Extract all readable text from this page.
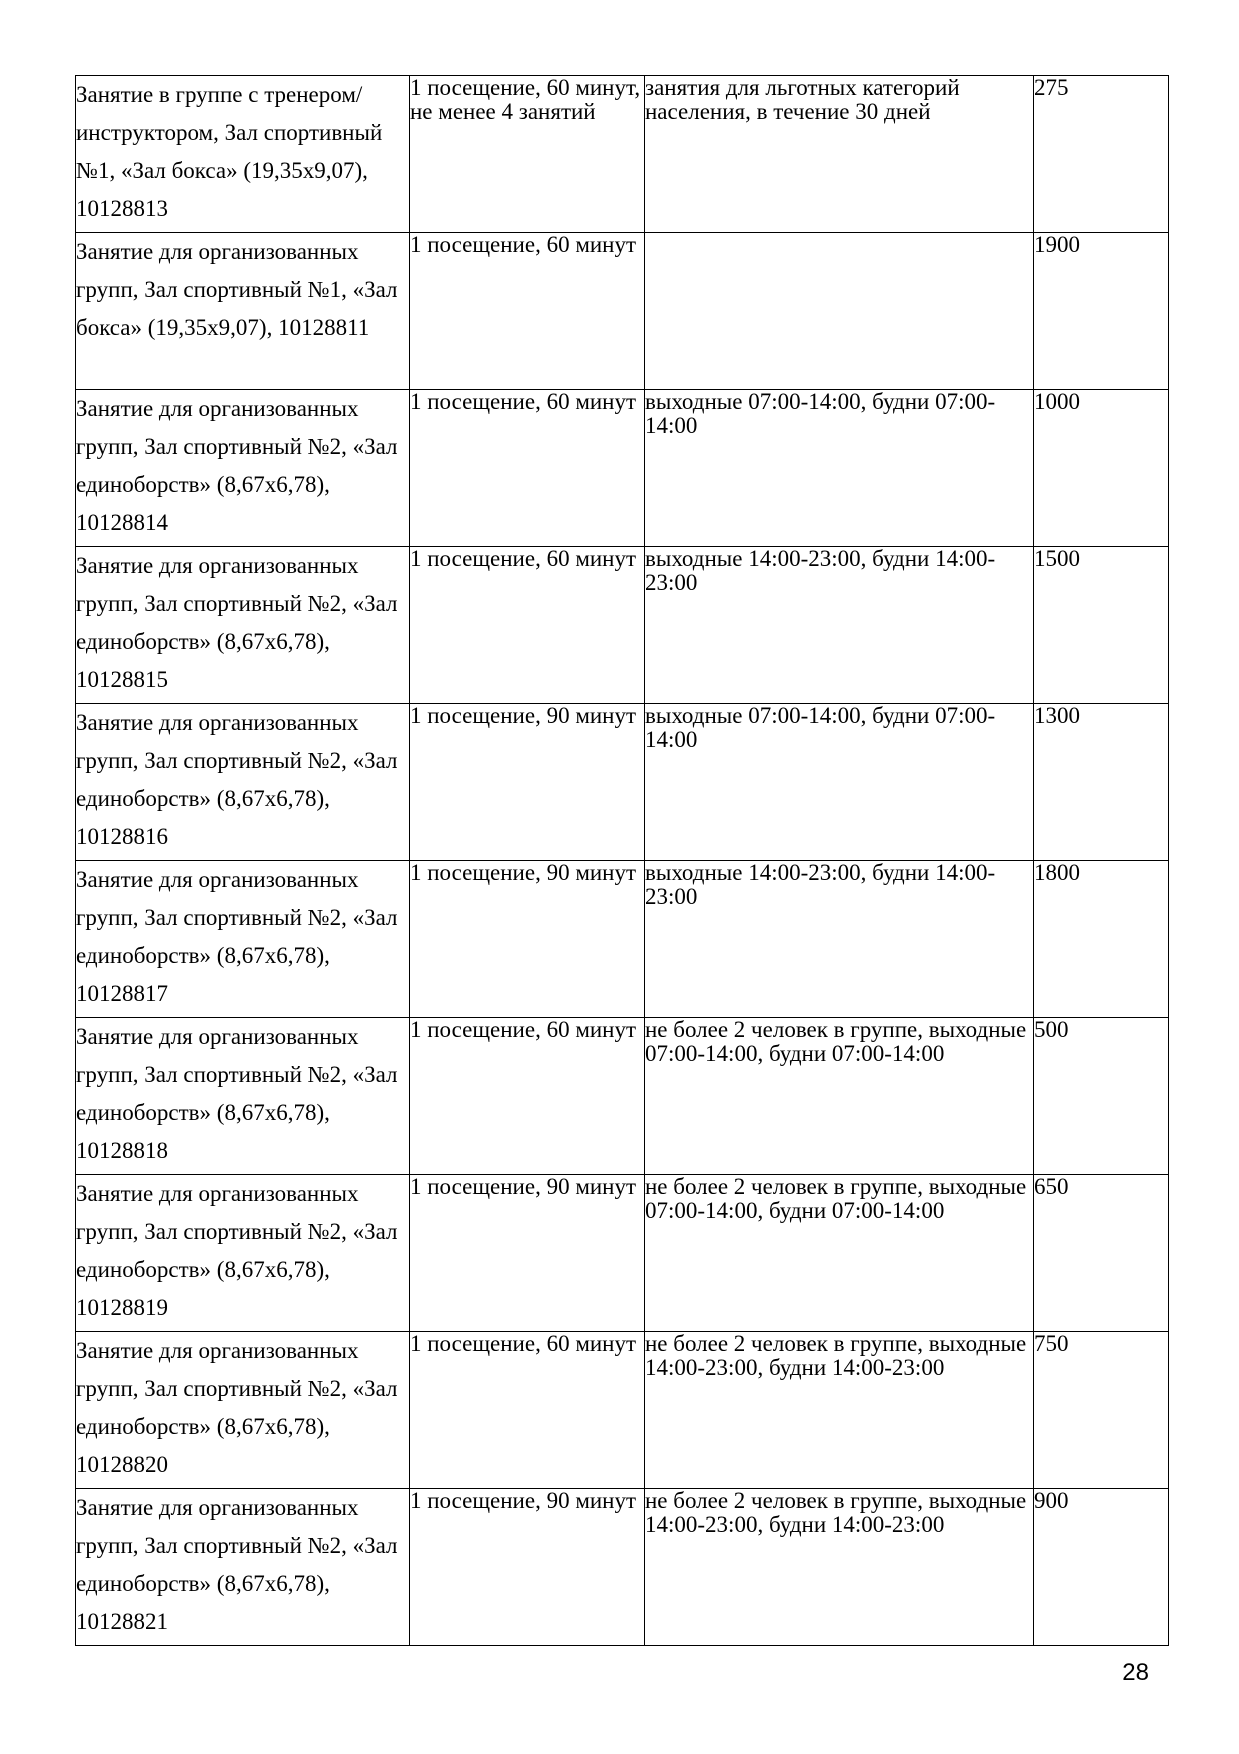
Занятие в группе с тренером/инструктором, Зал спортивный №1, «Зал бокса» (19,35х9,07), 10128813	1 посещение, 60 минут, не менее 4 занятий	занятия для льготных категорий населения, в течение 30 дней	275
Занятие для организованных групп, Зал спортивный №1, «Зал бокса» (19,35х9,07), 10128811	1 посещение, 60 минут		1900
Занятие для организованных групп, Зал спортивный №2, «Зал единоборств» (8,67х6,78), 10128814	1 посещение, 60 минут	выходные 07:00-14:00, будни 07:00-14:00	1000
Занятие для организованных групп, Зал спортивный №2, «Зал единоборств» (8,67х6,78), 10128815	1 посещение, 60 минут	выходные 14:00-23:00, будни 14:00-23:00	1500
Занятие для организованных групп, Зал спортивный №2, «Зал единоборств» (8,67х6,78), 10128816	1 посещение, 90 минут	выходные 07:00-14:00, будни 07:00-14:00	1300
Занятие для организованных групп, Зал спортивный №2, «Зал единоборств» (8,67х6,78), 10128817	1 посещение, 90 минут	выходные 14:00-23:00, будни 14:00-23:00	1800
Занятие для организованных групп, Зал спортивный №2, «Зал единоборств» (8,67х6,78), 10128818	1 посещение, 60 минут	не более 2 человек в группе, выходные 07:00-14:00, будни 07:00-14:00	500
Занятие для организованных групп, Зал спортивный №2, «Зал единоборств» (8,67х6,78), 10128819	1 посещение, 90 минут	не более 2 человек в группе, выходные 07:00-14:00, будни 07:00-14:00	650
Занятие для организованных групп, Зал спортивный №2, «Зал единоборств» (8,67х6,78), 10128820	1 посещение, 60 минут	не более 2 человек в группе, выходные 14:00-23:00, будни 14:00-23:00	750
Занятие для организованных групп, Зал спортивный №2, «Зал единоборств» (8,67х6,78), 10128821	1 посещение, 90 минут	не более 2 человек в группе, выходные 14:00-23:00, будни 14:00-23:00	900
28
